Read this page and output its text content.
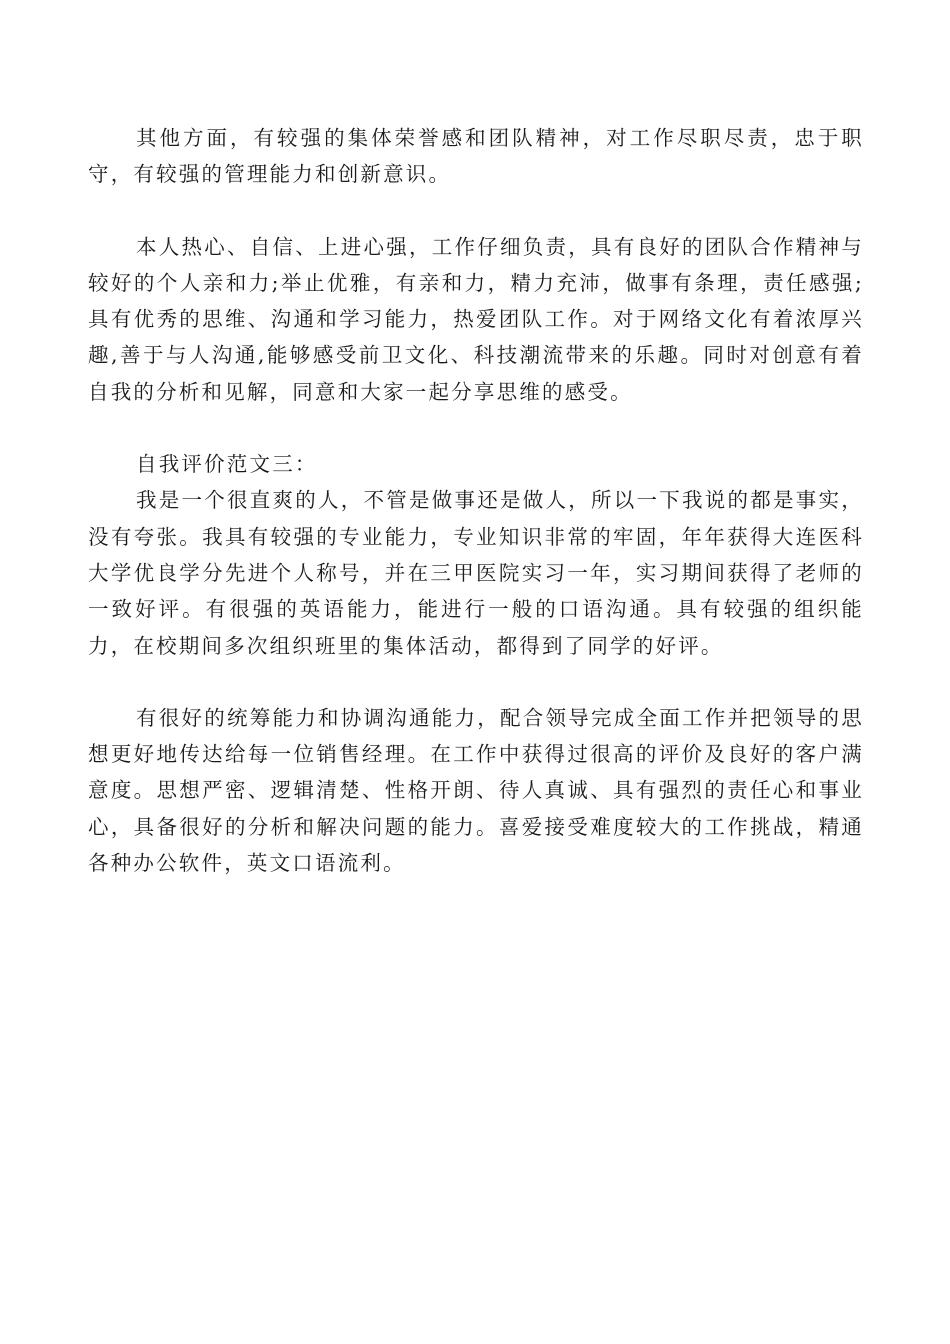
其他方面，有较强的集体荣誉感和团队精神，对工作尽职尽责，忠于职守，有较强的管理能力和创新意识。

本人热心、自信、上进心强，工作仔细负责，具有良好的团队合作精神与较好的个人亲和力;举止优雅，有亲和力，精力充沛，做事有条理，责任感强;具有优秀的思维、沟通和学习能力，热爱团队工作。对于网络文化有着浓厚兴趣,善于与人沟通,能够感受前卫文化、科技潮流带来的乐趣。同时对创意有着自我的分析和见解，同意和大家一起分享思维的感受。

自我评价范文三：

我是一个很直爽的人，不管是做事还是做人，所以一下我说的都是事实，没有夸张。我具有较强的专业能力，专业知识非常的牢固，年年获得大连医科大学优良学分先进个人称号，并在三甲医院实习一年，实习期间获得了老师的一致好评。有很强的英语能力，能进行一般的口语沟通。具有较强的组织能力，在校期间多次组织班里的集体活动，都得到了同学的好评。

有很好的统筹能力和协调沟通能力，配合领导完成全面工作并把领导的思想更好地传达给每一位销售经理。在工作中获得过很高的评价及良好的客户满意度。思想严密、逻辑清楚、性格开朗、待人真诚、具有强烈的责任心和事业心，具备很好的分析和解决问题的能力。喜爱接受难度较大的工作挑战，精通各种办公软件，英文口语流利。
